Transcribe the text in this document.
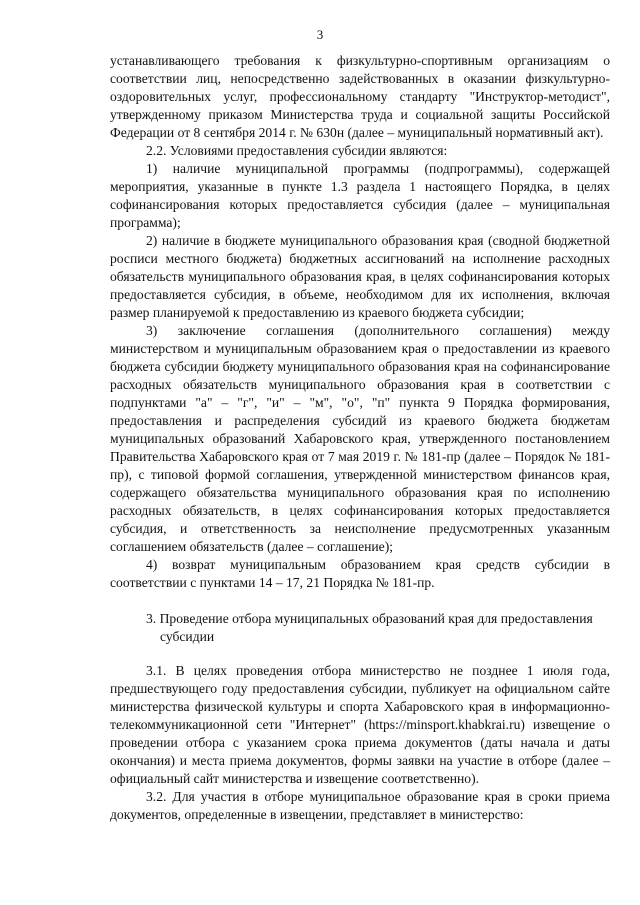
3

устанавливающего требования к физкультурно-спортивным организациям о соответствии лиц, непосредственно задействованных в оказании физкультурно-оздоровительных услуг, профессиональному стандарту "Инструктор-методист", утвержденному приказом Министерства труда и социальной защиты Российской Федерации от 8 сентября 2014 г. № 630н (далее – муниципальный нормативный акт).

2.2. Условиями предоставления субсидии являются:

1) наличие муниципальной программы (подпрограммы), содержащей мероприятия, указанные в пункте 1.3 раздела 1 настоящего Порядка, в целях софинансирования которых предоставляется субсидия (далее – муниципальная программа);

2) наличие в бюджете муниципального образования края (сводной бюджетной росписи местного бюджета) бюджетных ассигнований на исполнение расходных обязательств муниципального образования края, в целях софинансирования которых предоставляется субсидия, в объеме, необходимом для их исполнения, включая размер планируемой к предоставлению из краевого бюджета субсидии;

3) заключение соглашения (дополнительного соглашения) между министерством и муниципальным образованием края о предоставлении из краевого бюджета субсидии бюджету муниципального образования края на софинансирование расходных обязательств муниципального образования края в соответствии с подпунктами "а" – "г", "и" – "м", "о", "п" пункта 9 Порядка формирования, предоставления и распределения субсидий из краевого бюджета бюджетам муниципальных образований Хабаровского края, утвержденного постановлением Правительства Хабаровского края от 7 мая 2019 г. № 181-пр (далее – Порядок № 181-пр), с типовой формой соглашения, утвержденной министерством финансов края, содержащего обязательства муниципального образования края по исполнению расходных обязательств, в целях софинансирования которых предоставляется субсидия, и ответственность за неисполнение предусмотренных указанным соглашением обязательств (далее – соглашение);

4) возврат муниципальным образованием края средств субсидии в соответствии с пунктами 14 – 17, 21 Порядка № 181-пр.

3. Проведение отбора муниципальных образований края для предоставления
субсидии

3.1. В целях проведения отбора министерство не позднее 1 июля года, предшествующего году предоставления субсидии, публикует на официальном сайте министерства физической культуры и спорта Хабаровского края в информационно-телекоммуникационной сети "Интернет" (https://minsport.khabkrai.ru) извещение о проведении отбора с указанием срока приема документов (даты начала и даты окончания) и места приема документов, формы заявки на участие в отборе (далее – официальный сайт министерства и извещение соответственно).

3.2. Для участия в отборе муниципальное образование края в сроки приема документов, определенные в извещении, представляет в министерство:
